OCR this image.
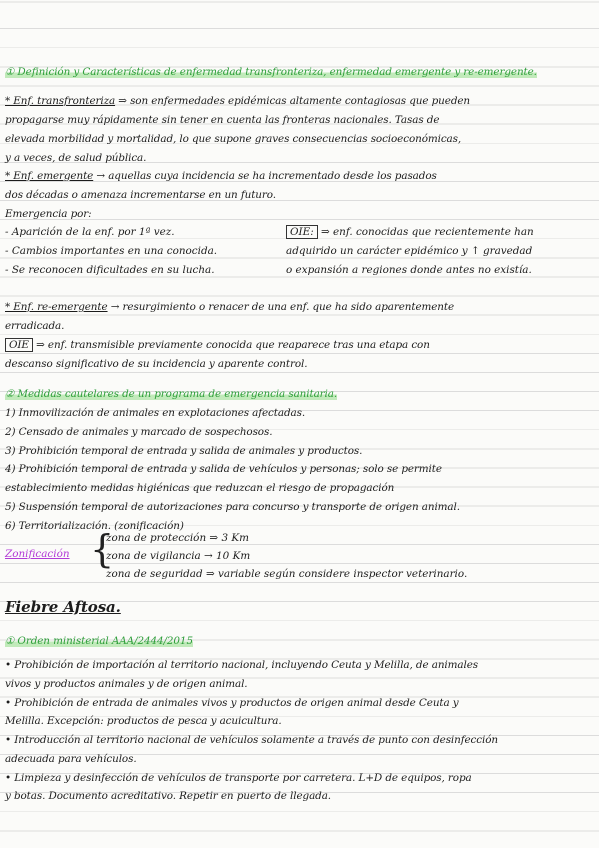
① Definición y Características de enfermedad transfronteriza, enfermedad emergente y re-emergente.
* Enf. transfronteriza ⇒ son enfermedades epidémicas altamente contagiosas que pueden
propagarse muy rápidamente sin tener en cuenta las fronteras nacionales. Tasas de
elevada morbilidad y mortalidad, lo que supone graves consecuencias socioeconómicas,
y a veces, de salud pública.
* Enf. emergente → aquellas cuya incidencia se ha incrementado desde los pasados
dos décadas o amenaza incrementarse en un futuro.
Emergencia por:
- Aparición de la enf. por 1ª vez.
- Cambios importantes en una conocida.
- Se reconocen dificultades en su lucha.
OIE: ⇒ enf. conocidas que recientemente han
adquirido un carácter epidémico y ↑ gravedad
o expansión a regiones donde antes no existía.
* Enf. re-emergente → resurgimiento o renacer de una enf. que ha sido aparentemente
erradicada.
OIE ⇒ enf. transmisible previamente conocida que reaparece tras una etapa con
descanso significativo de su incidencia y aparente control.
② Medidas cautelares de un programa de emergencia sanitaria.
1) Inmovilización de animales en explotaciones afectadas.
2) Censado de animales y marcado de sospechosos.
3) Prohibición temporal de entrada y salida de animales y productos.
4) Prohibición temporal de entrada y salida de vehículos y personas; solo se permite
establecimiento medidas higiénicas que reduzcan el riesgo de propagación
5) Suspensión temporal de autorizaciones para concurso y transporte de origen animal.
6) Territorialización. (zonificación)
Zonificación {
zona de protección ⇒ 3 Km
zona de vigilancia → 10 Km
zona de seguridad ⇒ variable según considere inspector veterinario.
Fiebre Aftosa.
① Orden ministerial AAA/2444/2015
• Prohibición de importación al territorio nacional, incluyendo Ceuta y Melilla, de animales
vivos y productos animales y de origen animal.
• Prohibición de entrada de animales vivos y productos de origen animal desde Ceuta y
Melilla. Excepción: productos de pesca y acuicultura.
• Introducción al territorio nacional de vehículos solamente a través de punto con desinfección
adecuada para vehículos.
• Limpieza y desinfección de vehículos de transporte por carretera. L+D de equipos, ropa
y botas. Documento acreditativo. Repetir en puerto de llegada.
